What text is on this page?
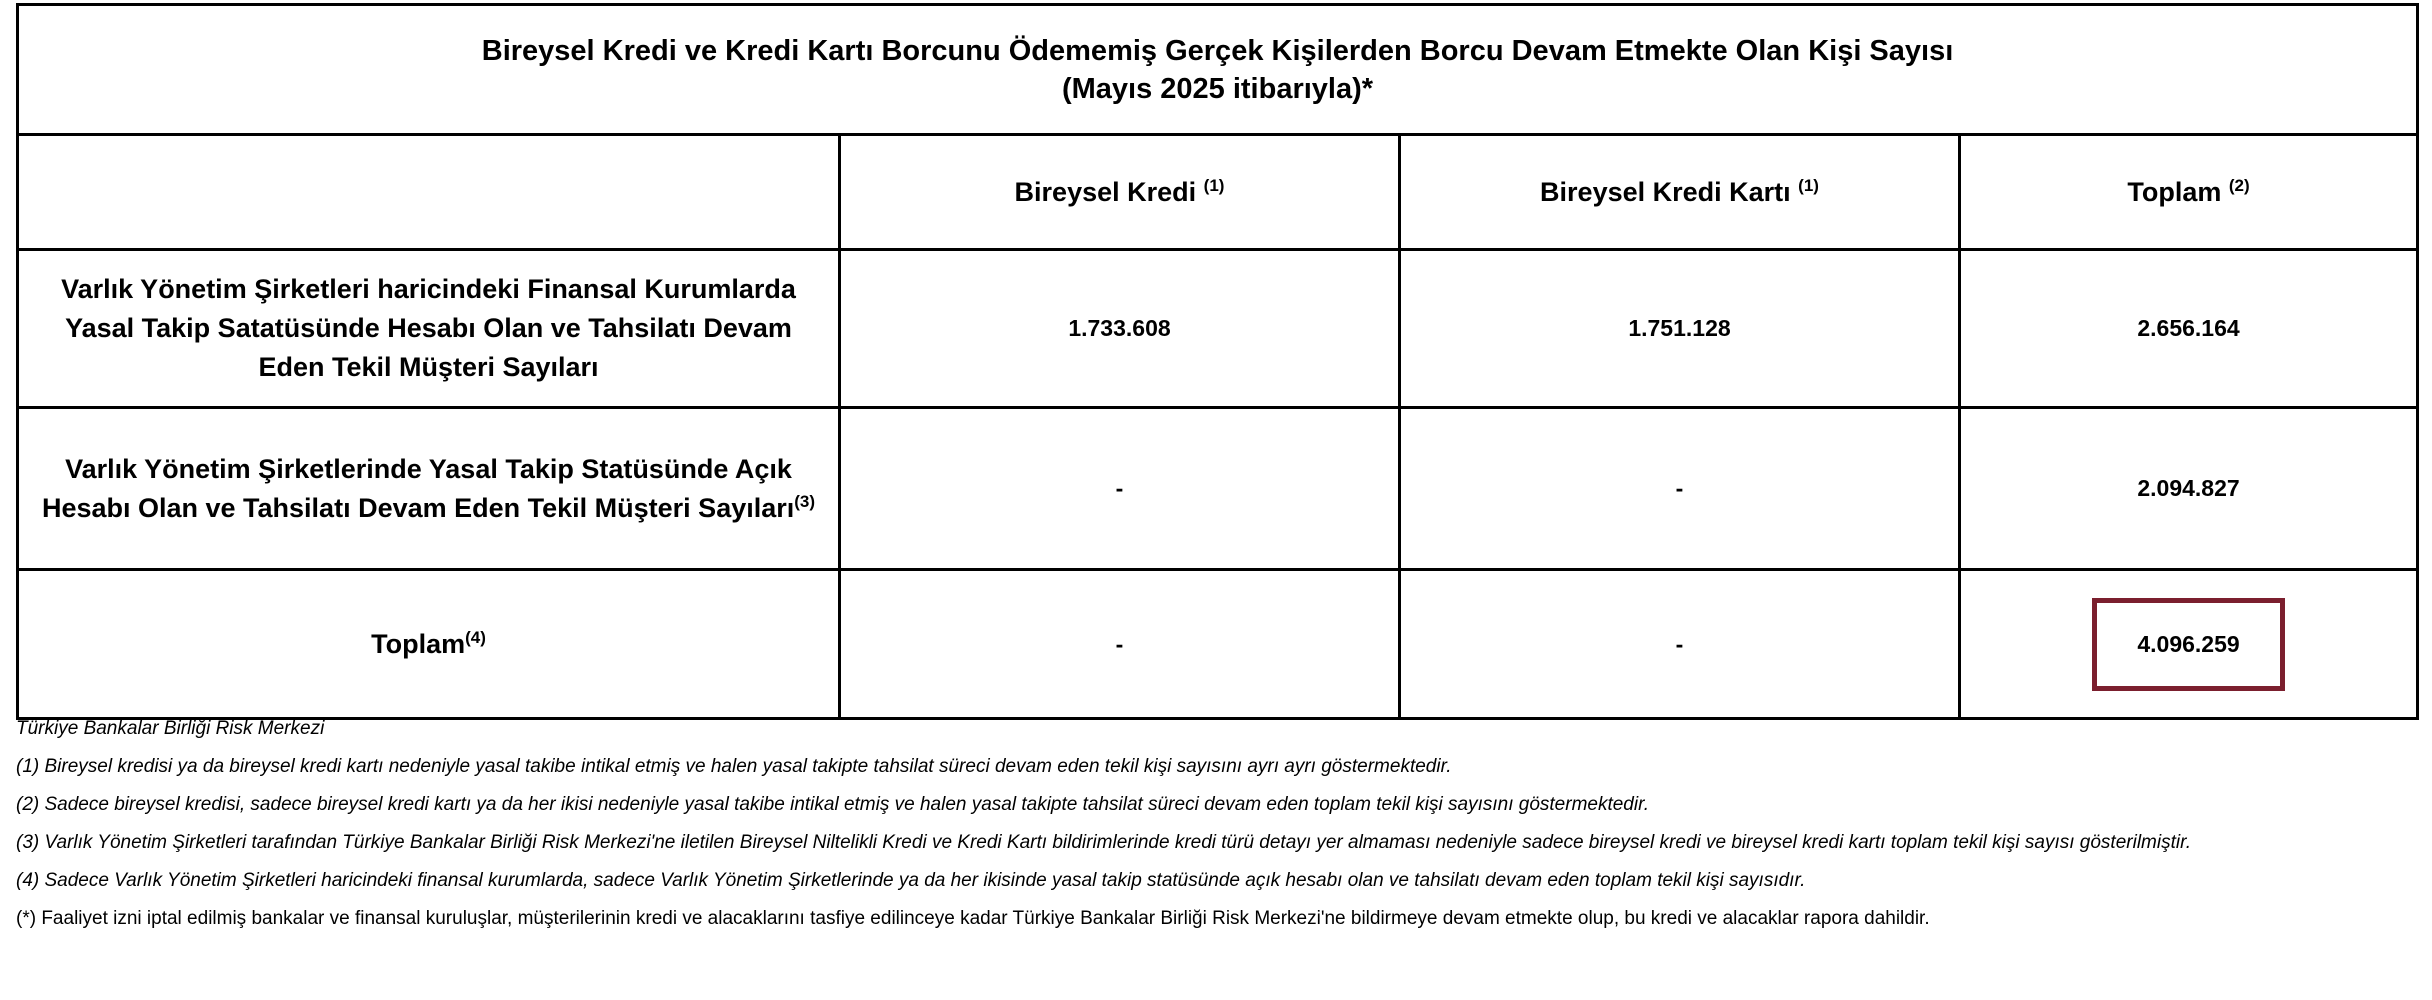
Bireysel Kredi ve Kredi Kartı Borcunu Ödememiş Gerçek Kişilerden Borcu Devam Etmekte Olan Kişi Sayısı
(Mayıs 2025 itibarıyla)*			

	Bireysel Kredi $^{(1)}$	Bireysel Kredi Kartı $^{(1)}$	Toplam $^{(2)}$
Varlık Yönetim Şirketleri haricindeki Finansal Kurumlarda Yasal Takip Satatüsünde Hesabı Olan ve Tahsilatı Devam Eden Tekil Müşteri Sayıları	1.733.608	1.751.128	2.656.164
Varlık Yönetim Şirketlerinde Yasal Takip Statüsünde Açık Hesabı Olan ve Tahsilatı Devam Eden Tekil Müşteri Sayıları$^{(3)}$	-	-	2.094.827
Toplam$^{(4)}$	-	-	4.096.259

Türkiye Bankalar Birliği Risk Merkezi

(1) Bireysel kredisi ya da bireysel kredi kartı nedeniyle yasal takibe intikal etmiş ve halen yasal takipte tahsilat süreci devam eden tekil kişi sayısını ayrı ayrı göstermektedir.

(2) Sadece bireysel kredisi, sadece bireysel kredi kartı ya da her ikisi nedeniyle yasal takibe intikal etmiş ve halen yasal takipte tahsilat süreci devam eden toplam tekil kişi sayısını göstermektedir.

(3) Varlık Yönetim Şirketleri tarafından Türkiye Bankalar Birliği Risk Merkezi'ne iletilen Bireysel Niltelikli Kredi ve Kredi Kartı bildirimlerinde kredi türü detayı yer almaması nedeniyle sadece bireysel kredi ve bireysel kredi kartı toplam tekil kişi sayısı gösterilmiştir.

(4) Sadece Varlık Yönetim Şirketleri haricindeki finansal kurumlarda, sadece Varlık Yönetim Şirketlerinde ya da her ikisinde yasal takip statüsünde açık hesabı olan ve tahsilatı devam eden toplam tekil kişi sayısıdır.

(*) Faaliyet izni iptal edilmiş bankalar ve finansal kuruluşlar, müşterilerinin kredi ve alacaklarını tasfiye edilinceye kadar Türkiye Bankalar Birliği Risk Merkezi'ne bildirmeye devam etmekte olup, bu kredi ve alacaklar rapora dahildir.
